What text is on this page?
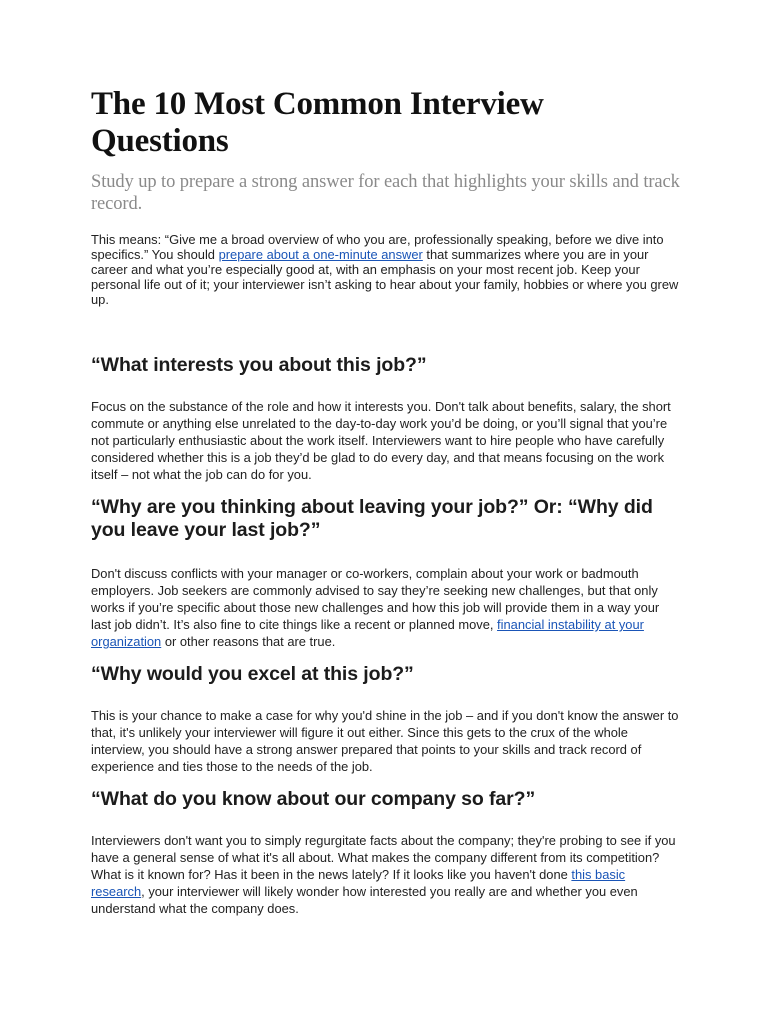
The 10 Most Common Interview Questions

Study up to prepare a strong answer for each that highlights your skills and track record.

This means: “Give me a broad overview of who you are, professionally speaking, before we dive into specifics.” You should prepare about a one-minute answer that summarizes where you are in your career and what you’re especially good at, with an emphasis on your most recent job. Keep your personal life out of it; your interviewer isn’t asking to hear about your family, hobbies or where you grew up.

“What interests you about this job?”

Focus on the substance of the role and how it interests you. Don't talk about benefits, salary, the short commute or anything else unrelated to the day-to-day work you’d be doing, or you’ll signal that you’re not particularly enthusiastic about the work itself. Interviewers want to hire people who have carefully considered whether this is a job they’d be glad to do every day, and that means focusing on the work itself – not what the job can do for you.

“Why are you thinking about leaving your job?” Or: “Why did you leave your last job?”

Don't discuss conflicts with your manager or co-workers, complain about your work or badmouth employers. Job seekers are commonly advised to say they’re seeking new challenges, but that only works if you’re specific about those new challenges and how this job will provide them in a way your last job didn’t. It’s also fine to cite things like a recent or planned move, financial instability at your organization or other reasons that are true.

“Why would you excel at this job?”

This is your chance to make a case for why you'd shine in the job – and if you don't know the answer to that, it's unlikely your interviewer will figure it out either. Since this gets to the crux of the whole interview, you should have a strong answer prepared that points to your skills and track record of experience and ties those to the needs of the job.

“What do you know about our company so far?”

Interviewers don't want you to simply regurgitate facts about the company; they're probing to see if you have a general sense of what it's all about. What makes the company different from its competition? What is it known for? Has it been in the news lately? If it looks like you haven't done this basic research, your interviewer will likely wonder how interested you really are and whether you even understand what the company does.
